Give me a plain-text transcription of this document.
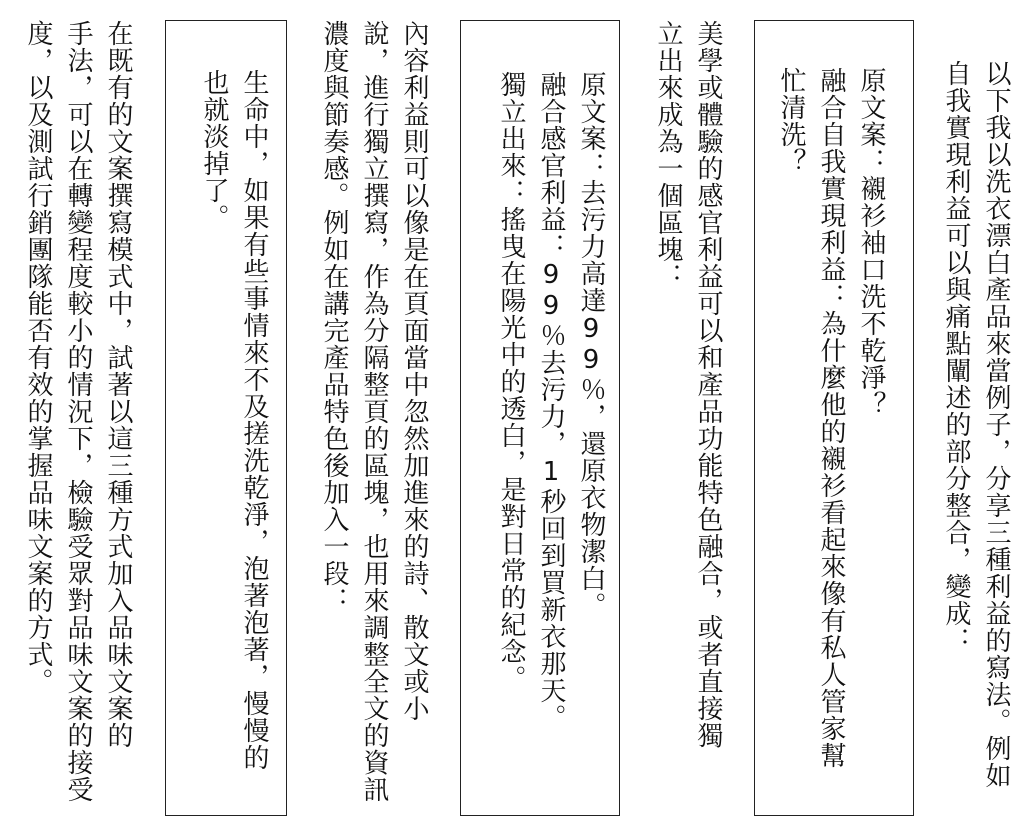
以下我以洗衣漂白產品來當例子，分享三種利益的寫法。例如
自我實現利益可以與痛點闡述的部分整合，變成：
原文案：襯衫袖口洗不乾淨？
融合自我實現利益：為什麼他的襯衫看起來像有私人管家幫
忙清洗？
美學或體驗的感官利益可以和產品功能特色融合，或者直接獨
立出來成為一個區塊：
原文案：去污力高達99％，還原衣物潔白。
融合感官利益：99％去污力，1秒回到買新衣那天。
獨立出來：搖曳在陽光中的透白，是對日常的紀念。
內容利益則可以像是在頁面當中忽然加進來的詩、散文或小
說，進行獨立撰寫，作為分隔整頁的區塊，也用來調整全文的資訊
濃度與節奏感。例如在講完產品特色後加入一段：
生命中，如果有些事情來不及搓洗乾淨，泡著泡著，慢慢的
也就淡掉了。
在既有的文案撰寫模式中，試著以這三種方式加入品味文案的
手法，可以在轉變程度較小的情況下，檢驗受眾對品味文案的接受
度，以及測試行銷團隊能否有效的掌握品味文案的方式。
